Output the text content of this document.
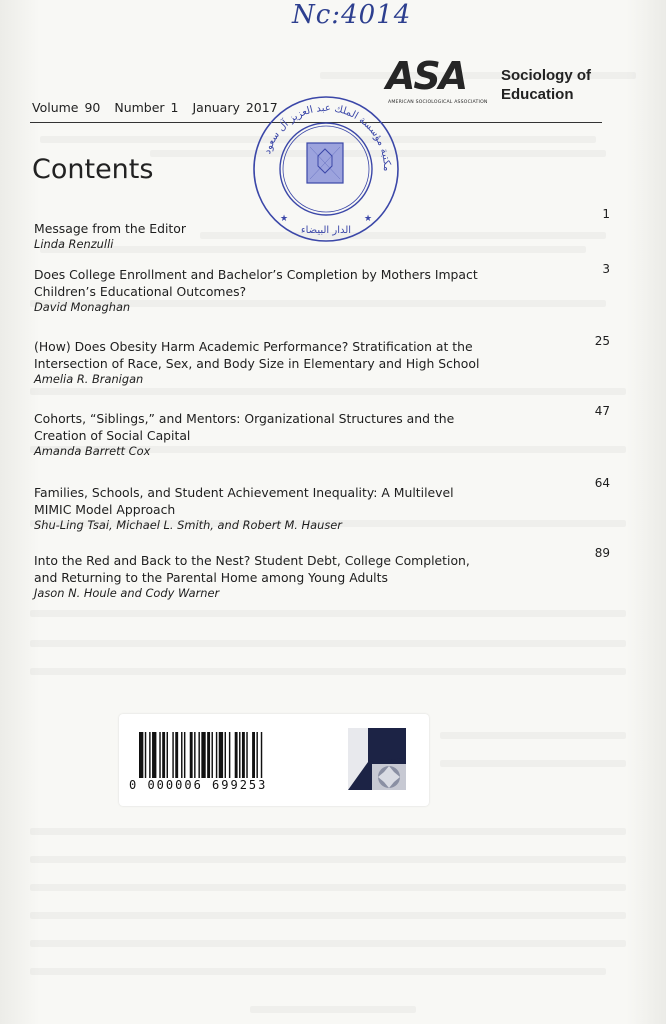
Nc:4014
ASA
AMERICAN SOCIOLOGICAL ASSOCIATION
Sociology of
Education
Volume 90 Number 1 January 2017
Contents
مكتبة مؤسسة الملك عبد العزيز آل سعود
الدار البيضاء
★	★
Message from the Editor
Linda Renzulli
1
Does College Enrollment and Bachelor’s Completion by Mothers Impact
Children’s Educational Outcomes?
David Monaghan
3
(How) Does Obesity Harm Academic Performance? Stratification at the
Intersection of Race, Sex, and Body Size in Elementary and High School
Amelia R. Branigan
25
Cohorts, “Siblings,” and Mentors: Organizational Structures and the
Creation of Social Capital
Amanda Barrett Cox
47
Families, Schools, and Student Achievement Inequality: A Multilevel
MIMIC Model Approach
Shu-Ling Tsai, Michael L. Smith, and Robert M. Hauser
64
Into the Red and Back to the Nest? Student Debt, College Completion,
and Returning to the Parental Home among Young Adults
Jason N. Houle and Cody Warner
89
0 000006 699253
